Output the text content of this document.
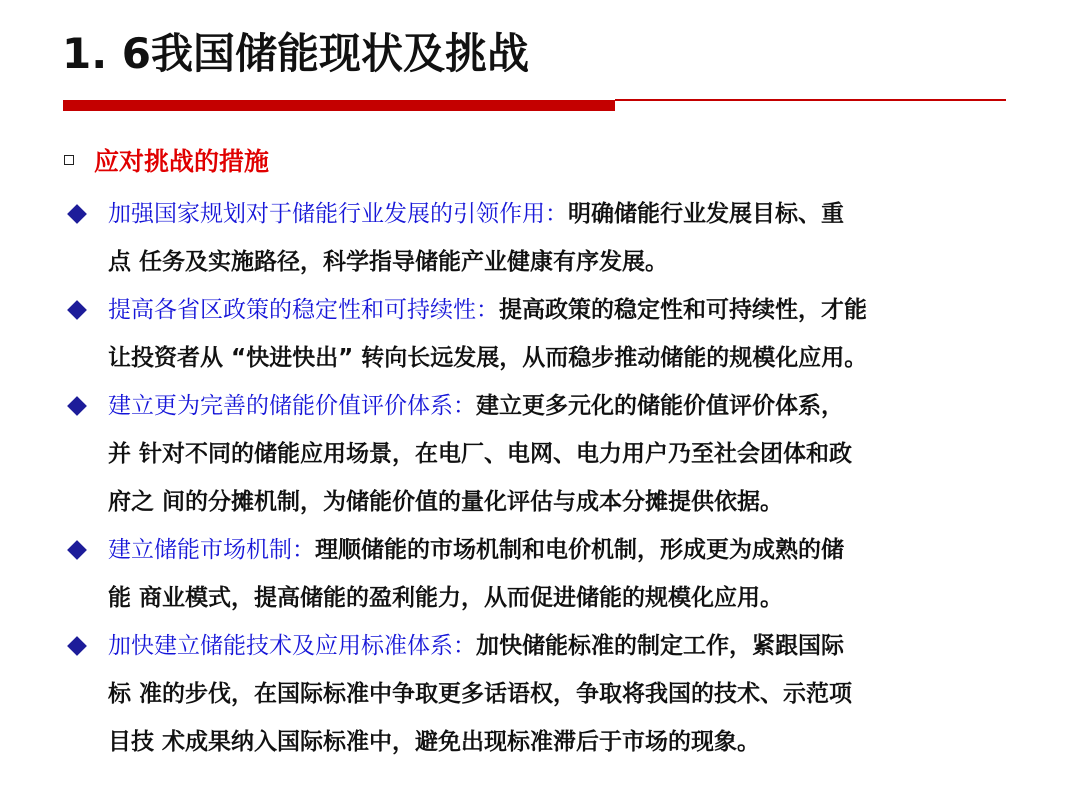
1. 6我国储能现状及挑战
应对挑战的措施
加强国家规划对于储能行业发展的引领作用：明确储能行业发展目标、重
点 任务及实施路径，科学指导储能产业健康有序发展。
提高各省区政策的稳定性和可持续性：提高政策的稳定性和可持续性，才能
让投资者从 “快进快出” 转向长远发展，从而稳步推动储能的规模化应用。
建立更为完善的储能价值评价体系：建立更多元化的储能价值评价体系，
并 针对不同的储能应用场景，在电厂、电网、电力用户乃至社会团体和政
府之 间的分摊机制，为储能价值的量化评估与成本分摊提供依据。
建立储能市场机制：理顺储能的市场机制和电价机制，形成更为成熟的储
能 商业模式，提高储能的盈利能力，从而促进储能的规模化应用。
加快建立储能技术及应用标准体系：加快储能标准的制定工作，紧跟国际
标 准的步伐，在国际标准中争取更多话语权，争取将我国的技术、示范项
目技 术成果纳入国际标准中，避免出现标准滞后于市场的现象。
